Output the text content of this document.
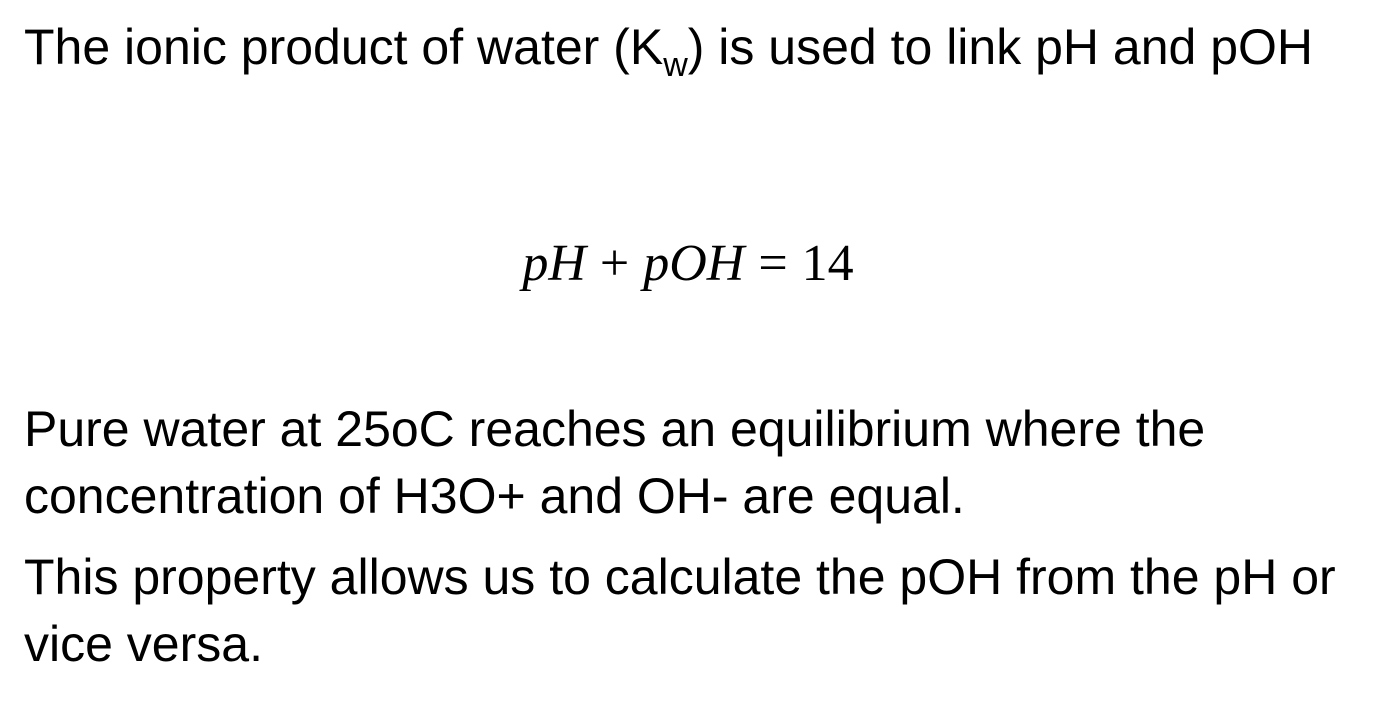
The ionic product of water $(K_w)$ is used to link pH and pOH

pH + pOH = 14

Pure water at 25oC reaches an equilibrium where the concentration of H3O+ and OH- are equal.

This property allows us to calculate the pOH from the pH or vice versa.
